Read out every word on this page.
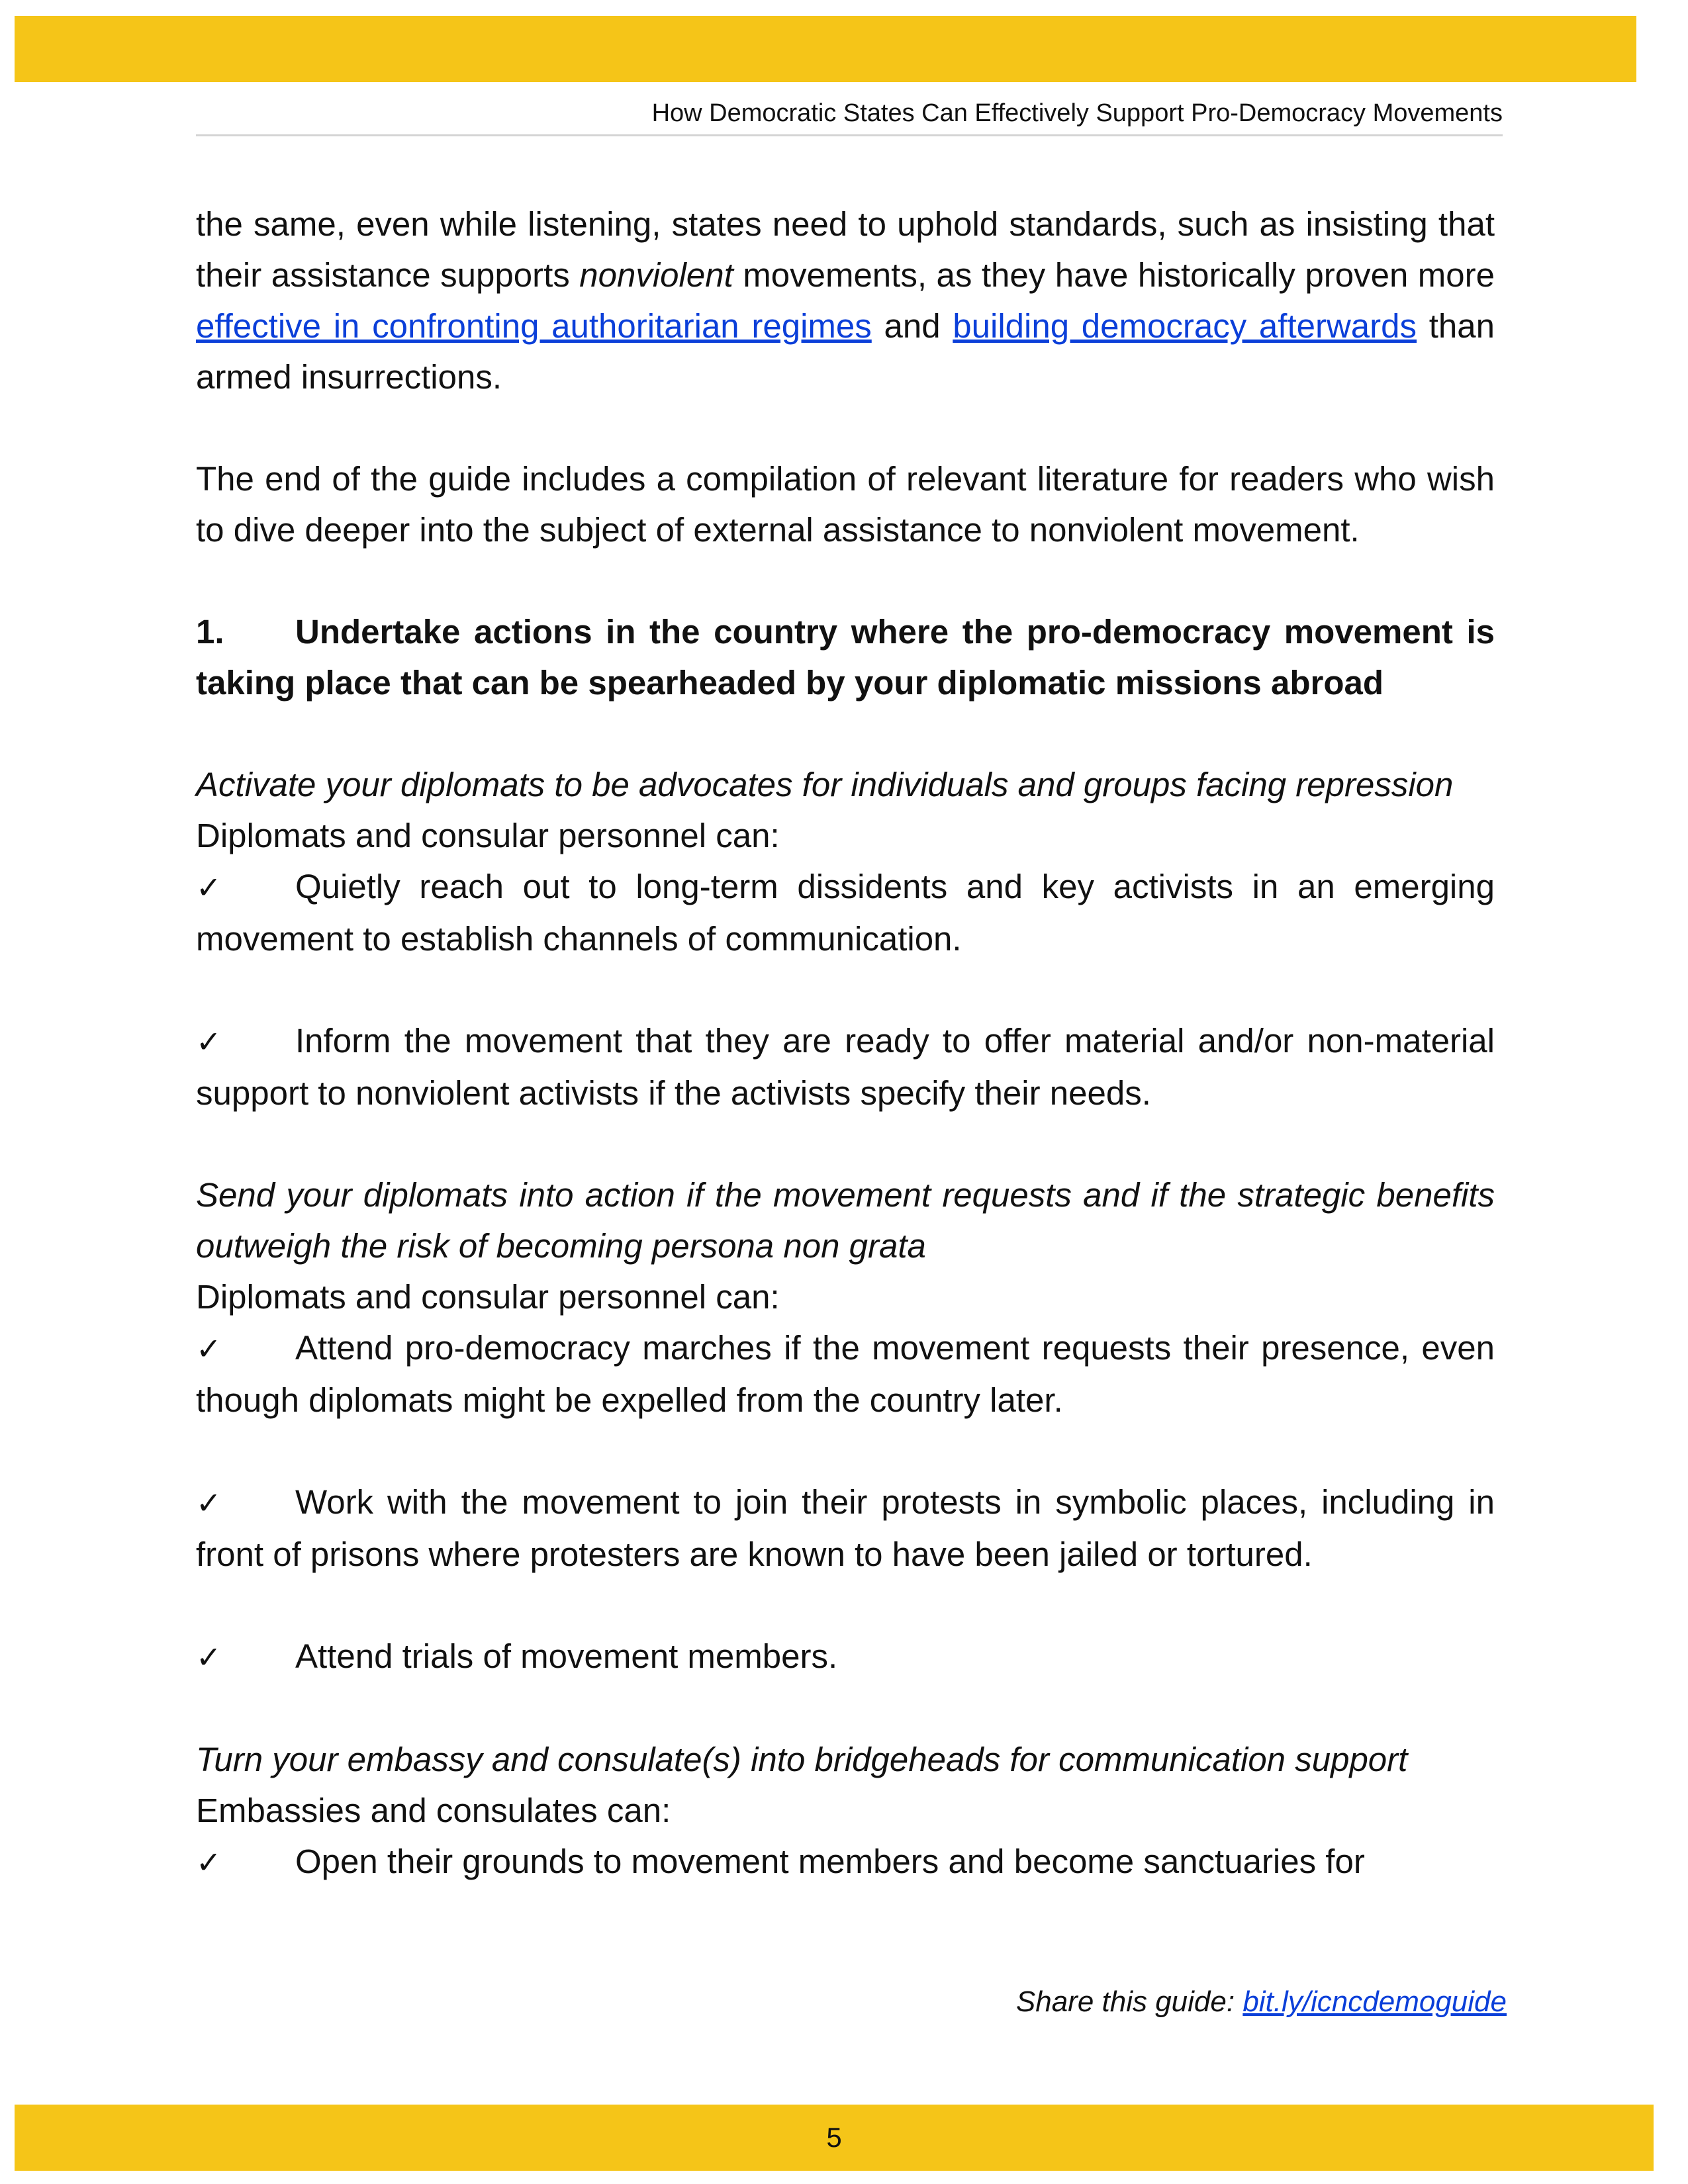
How Democratic States Can Effectively Support Pro-Democracy Movements

the same, even while listening, states need to uphold standards, such as insisting that their assistance supports nonviolent movements, as they have historically proven more effective in confronting authoritarian regimes and building democracy afterwards than armed insurrections.

The end of the guide includes a compilation of relevant literature for readers who wish to dive deeper into the subject of external assistance to nonviolent movement.

1. Undertake actions in the country where the pro-democracy movement is taking place that can be spearheaded by your diplomatic missions abroad

Activate your diplomats to be advocates for individuals and groups facing repression

Diplomats and consular personnel can:

✓ Quietly reach out to long-term dissidents and key activists in an emerging movement to establish channels of communication.

✓ Inform the movement that they are ready to offer material and/or non-material support to nonviolent activists if the activists specify their needs.

Send your diplomats into action if the movement requests and if the strategic benefits outweigh the risk of becoming persona non grata

Diplomats and consular personnel can:

✓ Attend pro-democracy marches if the movement requests their presence, even though diplomats might be expelled from the country later.

✓ Work with the movement to join their protests in symbolic places, including in front of prisons where protesters are known to have been jailed or tortured.

✓ Attend trials of movement members.

Turn your embassy and consulate(s) into bridgeheads for communication support

Embassies and consulates can:

✓ Open their grounds to movement members and become sanctuaries for

Share this guide: bit.ly/icncdemoguide
5
